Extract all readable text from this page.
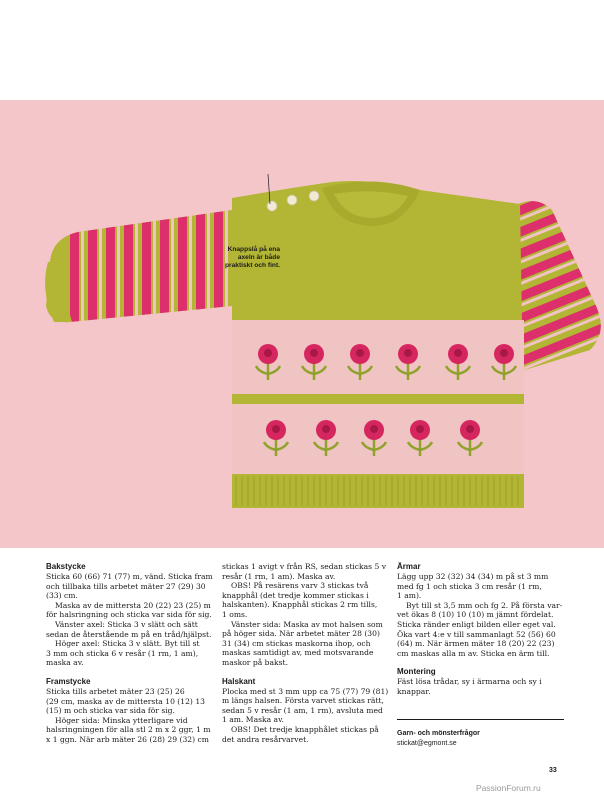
Knappslå på ena
axeln är både
praktiskt och fint.
Bakstycke

Sticka 60 (66) 71 (77) m, vänd. Sticka fram
och tillbaka tills arbetet mäter 27 (29) 30
(33) cm.

Maska av de mittersta 20 (22) 23 (25) m
för halsringning och sticka var sida för sig.

Vänster axel: Sticka 3 v slätt och sätt
sedan de återstående m på en tråd/hjälpst.

Höger axel: Sticka 3 v slätt. Byt till st
3 mm och sticka 6 v resår (1 rm, 1 am),
maska av.

Framstycke

Sticka tills arbetet mäter 23 (25) 26
(29 cm, maska av de mittersta 10 (12) 13
(15) m och sticka var sida för sig.

Höger sida: Minska ytterligare vid
halsringningen för alla stl 2 m x 2 ggr, 1 m
x 1 ggn. När arb mäter 26 (28) 29 (32) cm

stickas 1 avigt v från RS, sedan stickas 5 v
resår (1 rm, 1 am). Maska av.

OBS! På resärens varv 3 stickas två
knapphål (det tredje kommer stickas i
halskanten). Knapphål stickas 2 rm tills,
1 oms.

Vänster sida: Maska av mot halsen som
på höger sida. När arbetet mäter 28 (30)
31 (34) cm stickas maskorna ihop, och
maskas samtidigt av, med motsvarande
maskor på bakst.

Halskant

Plocka med st 3 mm upp ca 75 (77) 79 (81)
m längs halsen. Första varvet stickas rätt,
sedan 5 v resår (1 am, 1 rm), avsluta med
1 am. Maska av.

OBS! Det tredje knapphålet stickas på
det andra resårvarvet.

Ärmar

Lägg upp 32 (32) 34 (34) m på st 3 mm
med fg 1 och sticka 3 cm resår (1 rm,
1 am).

Byt till st 3,5 mm och fg 2. På första var-
vet ökas 8 (10) 10 (10) m jämnt fördelat.
Sticka ränder enligt bilden eller eget val.
Öka vart 4:e v till sammanlagt 52 (56) 60
(64) m. När ärmen mäter 18 (20) 22 (23)
cm maskas alla m av. Sticka en ärm till.

Montering

Fäst lösa trådar, sy i ärmarna och sy i
knappar.

Garn- och mönsterfrågor
stickat@egmont.se
33
PassionForum.ru
